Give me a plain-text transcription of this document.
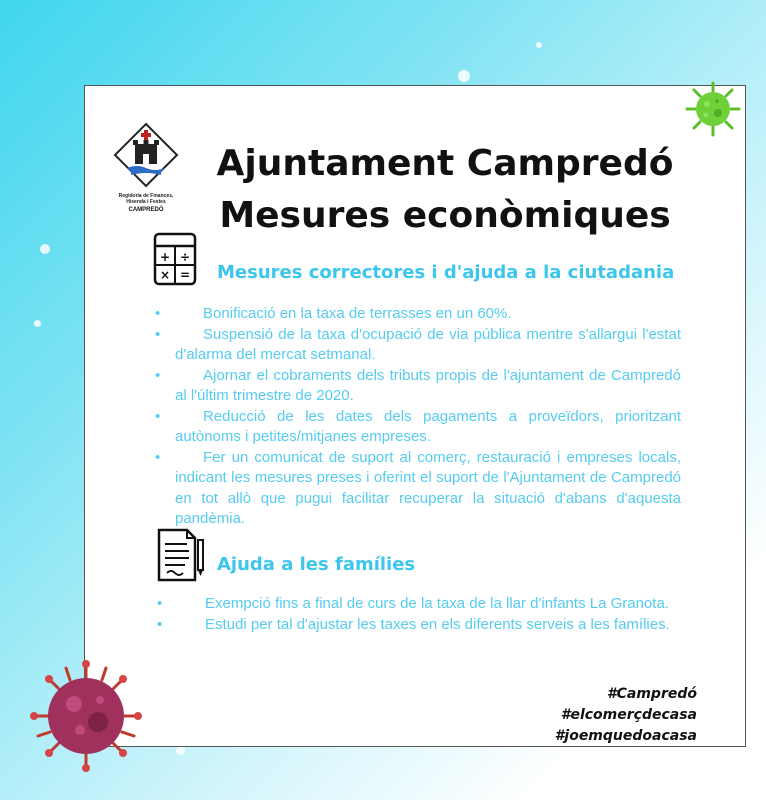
Regidoria de Finances,
Hisenda i Festes
CAMPREDÓ
Ajuntament Campredó
Mesures econòmiques
+ ÷
× = Mesures correctores i d'ajuda a la ciutadania
•	Bonificació en la taxa de terrasses en un 60%.
•	Suspensió de la taxa d'ocupació de via pública mentre s'allargui l'estat d'alarma del mercat setmanal.
•	Ajornar el cobraments dels tributs propis de l'ajuntament de Campredó al l'últim trimestre de 2020.
•	Reducció de les dates dels pagaments a proveïdors, prioritzant autònoms i petites/mitjanes empreses.
•	Fer un comunicat de suport al comerç, restauració i empreses locals, indicant les mesures preses i oferint el suport de l'Ajuntament de Campredó en tot allò que pugui facilitar recuperar la situació d'abans d'aquesta pandèmia.
Ajuda a les famílies
•	Exempció fins a final de curs de la taxa de la llar d'infants La Granota.
•	Estudi per tal d'ajustar les taxes en els diferents serveis a les famílies.
#Campredó
#elcomerçdecasa
#joemquedoacasa
